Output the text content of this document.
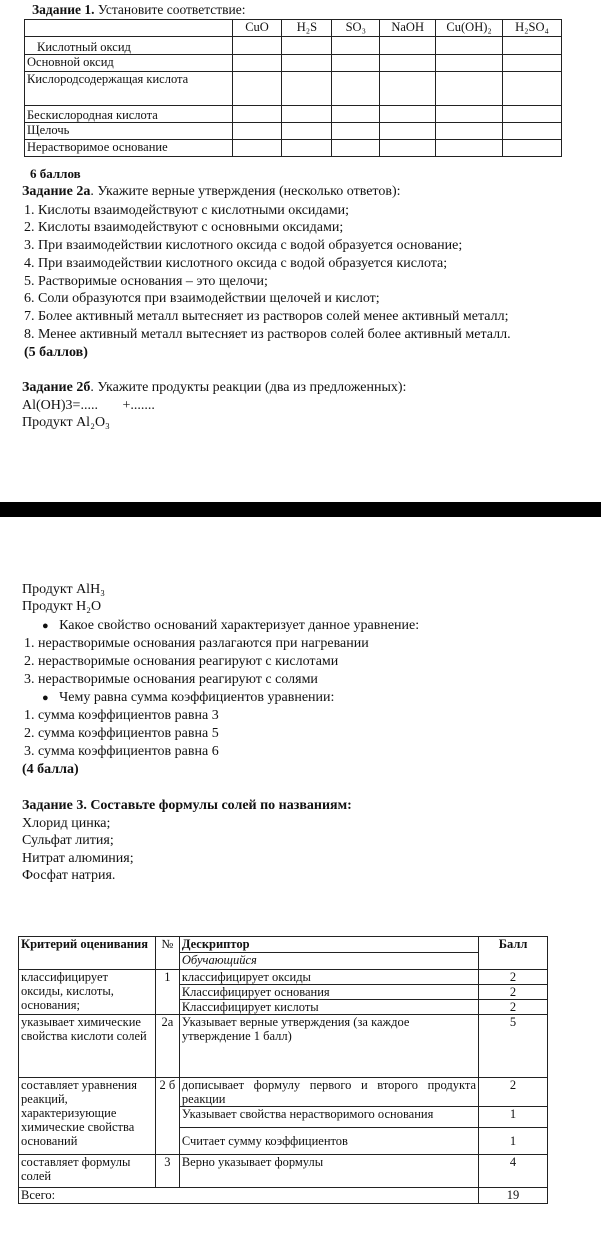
Задание 1. Установите соответствие:
	CuO	H₂S	SO₃	NaOH	Cu(OH)₂	H₂SO₄
Кислотный оксид						
Основной оксид						
Кислородсодержащая кислота						
Бескислородная кислота						
Щелочь						
Нерастворимое основание						
6 баллов
Задание 2а. Укажите верные утверждения (несколько ответов):
1. Кислоты взаимодействуют с кислотными оксидами;
2. Кислоты взаимодействуют с основными оксидами;
3. При взаимодействии кислотного оксида с водой образуется основание;
4. При взаимодействии кислотного оксида с водой образуется кислота;
5. Растворимые основания – это щелочи;
6. Соли образуются при взаимодействии щелочей и кислот;
7. Более активный металл вытесняет из растворов солей менее активный металл;
8. Менее активный металл вытесняет из растворов солей более активный металл.
(5 баллов)
Задание 2б. Укажите продукты реакции (два из предложенных):
Al(OH)3=.....       +.......
Продукт Al₂O₃
Продукт AlH₃
Продукт H₂O
● Какое свойство оснований характеризует данное уравнение:
1. нерастворимые основания разлагаются при нагревании
2. нерастворимые основания реагируют с кислотами
3. нерастворимые основания реагируют с солями
● Чему равна сумма коэффициентов уравнении:
1. сумма коэффициентов равна 3
2. сумма коэффициентов равна 5
3. сумма коэффициентов равна 6
(4 балла)
Задание 3. Составьте формулы солей по названиям:
Хлорид цинка;
Сульфат лития;
Нитрат алюминия;
Фосфат натрия.
Критерий оценивания	№	Дескриптор	Балл
		Обучающийся	
классифицирует оксиды, кислоты, основания;	1	классифицирует оксиды	2
		Классифицирует основания	2
		Классифицирует кислоты	2
указывает химические свойства кислоти солей	2а	Указывает верные утверждения (за каждое утверждение 1 балл)	5
составляет уравнения реакций, характеризующие химические свойства оснований	2 б	дописывает формулу первого и второго продукта реакции	2
		Указывает свойства нерастворимого основания	1
		Считает сумму коэффициентов	1
составляет формулы солей	3	Верно указывает формулы	4
Всего:			19
